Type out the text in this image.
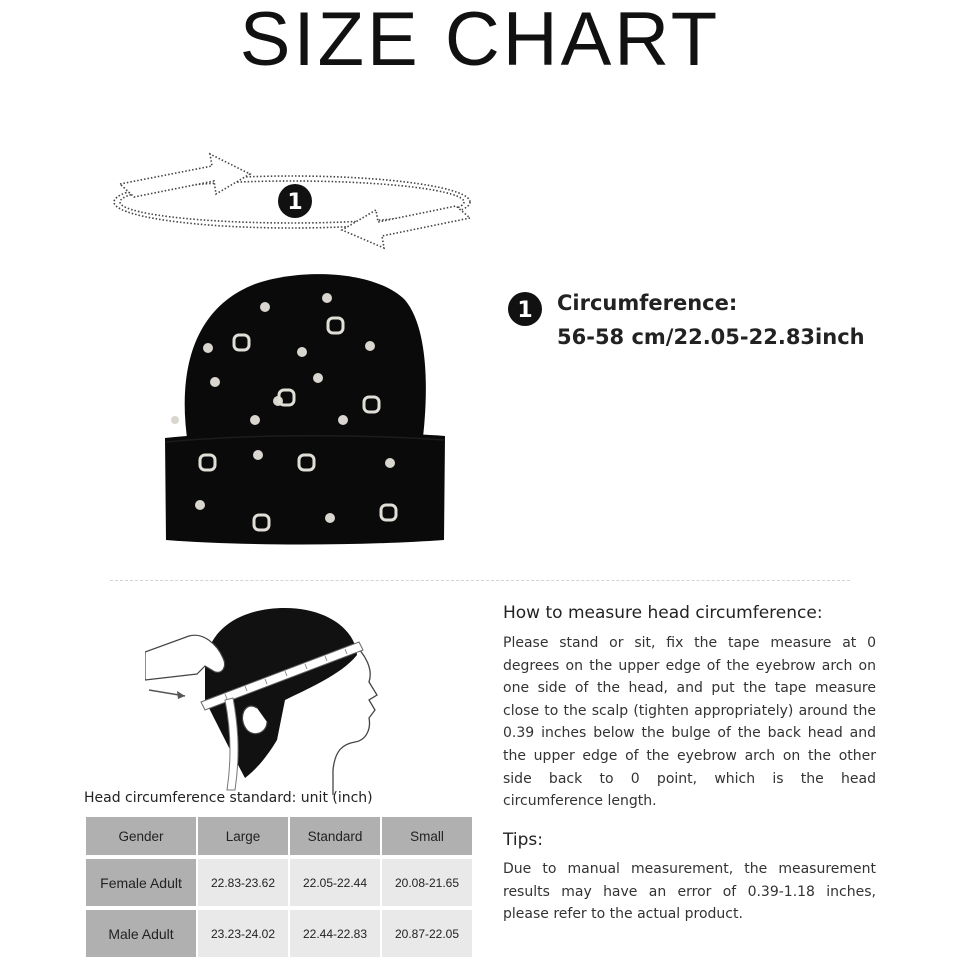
SIZE CHART
1
1 Circumference:
56-58 cm/22.05-22.83inch
How to measure head circumference:

Please stand or sit, fix the tape measure at 0 degrees on the upper edge of the eyebrow arch on one side of the head, and put the tape measure close to the scalp (tighten appropriately) around the 0.39 inches below the bulge of the back head and the upper edge of the eyebrow arch on the other side back to 0 point, which is the head circumference length.

Tips:

Due to manual measurement, the measurement results may have an error of 0.39-1.18 inches, please refer to the actual product.

Head circumference standard: unit (inch)
Gender	Large	Standard	Small
Female Adult	22.83-23.62	22.05-22.44	20.08-21.65
Male Adult	23.23-24.02	22.44-22.83	20.87-22.05
